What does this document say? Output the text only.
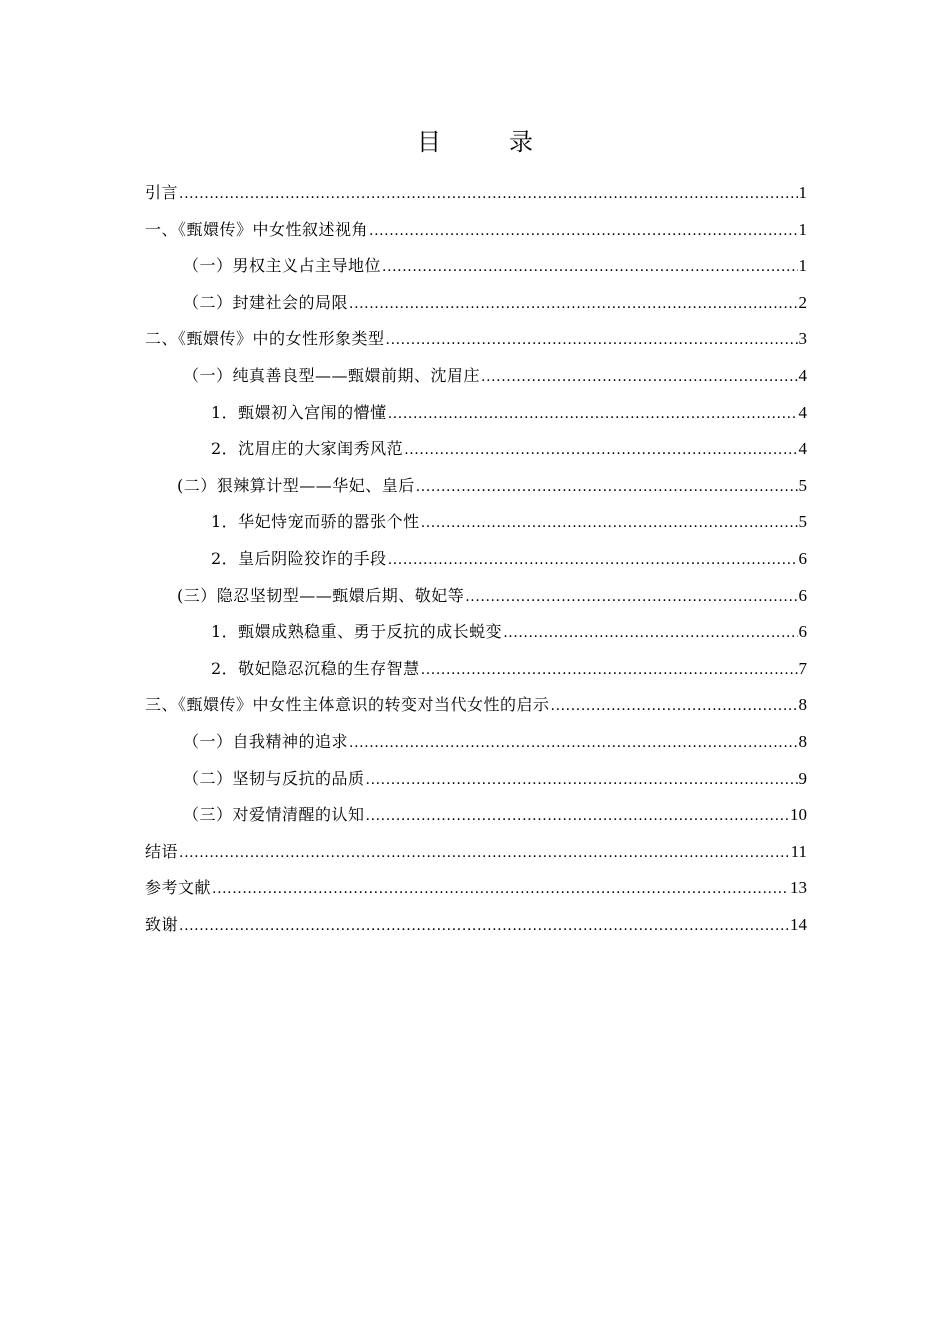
目　录
引言 .....	1
一、《甄嬛传》中女性叙述视角 .....	1
（一）男权主义占主导地位 .....	1
（二）封建社会的局限 .....	2
二、《甄嬛传》中的女性形象类型 .....	3
（一）纯真善良型——甄嬛前期、沈眉庄 .....	4
1．甄嬛初入宫闱的懵懂 .....	4
2．沈眉庄的大家闺秀风范 .....	4
(二）狠辣算计型——华妃、皇后 .....	5
1．华妃恃宠而骄的嚣张个性 .....	5
2．皇后阴险狡诈的手段 .....	6
(三）隐忍坚韧型——甄嬛后期、敬妃等 .....	6
1．甄嬛成熟稳重、勇于反抗的成长蜕变 .....	6
2．敬妃隐忍沉稳的生存智慧 .....	7
三、《甄嬛传》中女性主体意识的转变对当代女性的启示 .....	8
（一）自我精神的追求 .....	8
（二）坚韧与反抗的品质 .....	9
（三）对爱情清醒的认知 .....	10
结语 .....	11
参考文献 .....	13
致谢 .....	14
